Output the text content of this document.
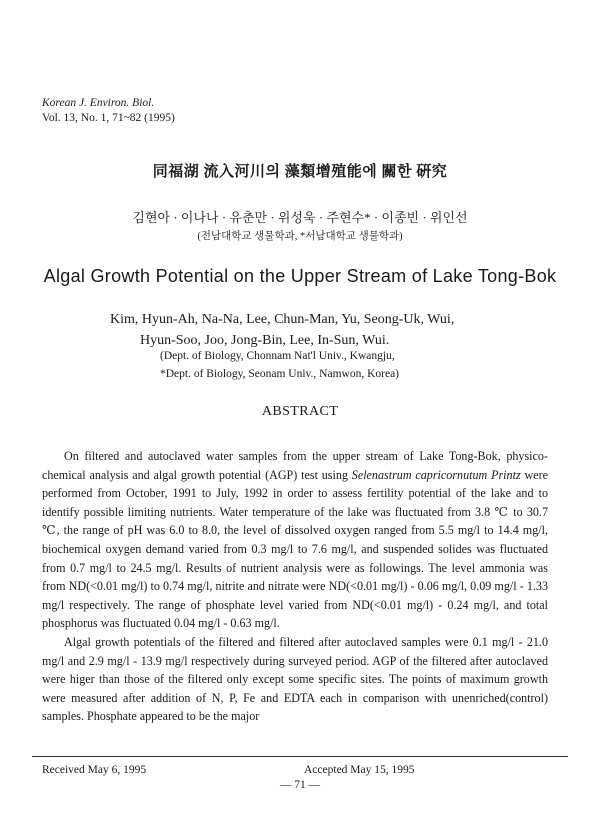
Korean J. Environ. Biol.
Vol. 13, No. 1, 71~82 (1995)
同福湖 流入河川의 藻類增殖能에 關한 硏究
김현아 · 이나나 · 유춘만 · 위성욱 · 주현수* · 이종빈 · 위인선
(전남대학교 생물학과, *서남대학교 생물학과)
Algal Growth Potential on the Upper Stream of Lake Tong-Bok
Kim, Hyun-Ah, Na-Na, Lee, Chun-Man, Yu, Seong-Uk, Wui,
Hyun-Soo, Joo, Jong-Bin, Lee, In-Sun, Wui.
(Dept. of Biology, Chonnam Nat'l Univ., Kwangju,
*Dept. of Biology, Seonam Univ., Namwon, Korea)
ABSTRACT

On filtered and autoclaved water samples from the upper stream of Lake Tong-Bok, physico-chemical analysis and algal growth potential (AGP) test using Selenastrum capricornutum Printz were performed from October, 1991 to July, 1992 in order to assess fertility potential of the lake and to identify possible limiting nutrients. Water temperature of the lake was fluctuated from 3.8 ℃ to 30.7 ℃, the range of pH was 6.0 to 8.0, the level of dissolved oxygen ranged from 5.5 mg/l to 14.4 mg/l, biochemical oxygen demand varied from 0.3 mg/l to 7.6 mg/l, and suspended solides was fluctuated from 0.7 mg/l to 24.5 mg/l. Results of nutrient analysis were as followings. The level ammonia was from ND(<0.01 mg/l) to 0.74 mg/l, nitrite and nitrate were ND(<0.01 mg/l) - 0.06 mg/l, 0.09 mg/l - 1.33 mg/l respectively. The range of phosphate level varied from ND(<0.01 mg/l) - 0.24 mg/l, and total phosphorus was fluctuated 0.04 mg/l - 0.63 mg/l.

Algal growth potentials of the filtered and filtered after autoclaved samples were 0.1 mg/l - 21.0 mg/l and 2.9 mg/l - 13.9 mg/l respectively during surveyed period. AGP of the filtered after autoclaved were higer than those of the filtered only except some specific sites. The points of maximum growth were measured after addition of N, P, Fe and EDTA each in comparison with unenriched(control) samples. Phosphate appeared to be the major

Received May 6, 1995	Accepted May 15, 1995
— 71 —
